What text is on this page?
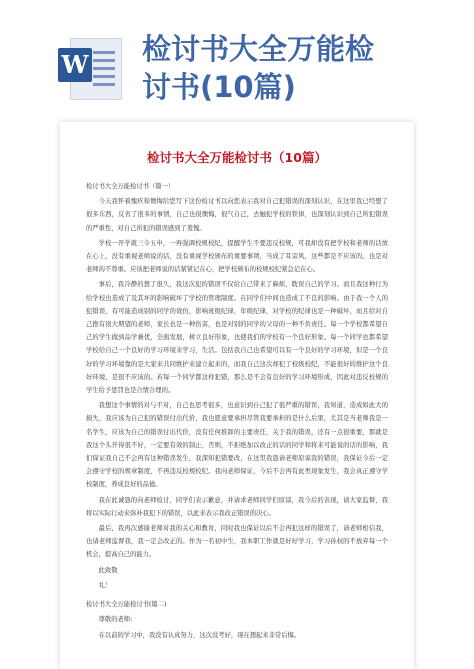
W 检讨书大全万能检
讨书(10篇)
检讨书大全万能检讨书（10篇）

检讨书大全万能检讨书（篇一）

今天我怀着愧疚和懊悔给您写下这份检讨书以向您表示我对自己犯错误的深刻认识，在这里我已经想了很多东西，反省了很多的事情，自己也很懊悔，很气自己，去触犯学校的铁律，也深刻认识到自己所犯错误的严重性，对自己所犯的错误感到了羞愧。

学校一开学就三令五申，一再强调校规校纪，提醒学生不要违反校规，可我却没有把学校和老师的话放在心上，没有重视老师说的话，没有重视学校颁布的重要事项，当成了耳旁风，这些都是不应该的。也是对老师的不尊重。应该把老师说的话紧紧记在心，把学校颁布的校规校纪紧急记在心。

事后，我冷静的想了很久，我这次犯的错误不仅给自己带来了麻烦，耽误自己的学习。而且我这种行为给学校也造成了及其坏的影响破坏了学校的管理制度。在同学们中间也造成了不良的影响。由于我一个人的犯错误，有可能造成别的同学的效仿，影响班级纪律，年级纪律，对学校的纪律也是一种破坏，而且给对自己抱有很大期望的老师，家长也是一种伤害，也是对别的同学的父母的一种不负责任。每一个学校都希望自己的学生做到品学兼优，全面发展，树立良好形象，也使我们的学校有一个良好形象。每一个同学也都希望学校给自己一个良好的学习环境来学习，生活。包括我自己也希望可以有一个良好的学习环境，但是一个良好的学习环境靠的是大家来共同维护来建立起来的，而我自己这次却犯了校级校纪，不能很好的维护这个良好环境，是很不应该的。若每一个同学都这样犯错，那么是不会有良好的学习环境形成，因此对违反校规的学生给予惩罚也是合情合理的。

我想这个事情的对与不对，自己也思考很多，也意识到自己犯了很严重的错误，我知道，造成如此大的损失，我应该为自己犯的错误付出代价，我也愿意要承担尽管我要承担的是什么后果，尤其是当老师我是一名学生，应该为自己的错误付出代价，没有任何推卸的主要责任，关于我的错误，还有一点很重要，那就是我这个头开得很不好，一定要有效的制止，否则，不拒绝加以改正的话的同学和将来可能说的话的影响，我们保证我自己不会再有这种错误发生，我深知犯错要改，在这里我恳请老师原谅我的错误，我保证今后一定会遵守学校的规章制度，不再违反校规校纪。我向老师保证，今后不会再有此类现象发生，我会真正遵守学校制度，养成良好的品德。

我在此诚恳的向老师检讨，同学们表示歉意，并请求老师同学们原谅，我今后的表现，请大家监督，我将以实际行动来弥补我犯下的错误，以此来表示我改正错误的决心。

最后，我再次感谢老师对我的关心和教育，同时我也保证以后不会再犯这样的错误了，请老师相信我，也请老师监督我，我一定会改正的。作为一名初中生，我本职工作就是好好学习，学习孙权的不放弃每一个机会，提高自己的能力。

此致敬

礼！

检讨书大全万能检讨书(篇二)

尊敬的老师:

在以前的学习中，我没有认真努力，这次没考好，现在想起来非常后悔。
